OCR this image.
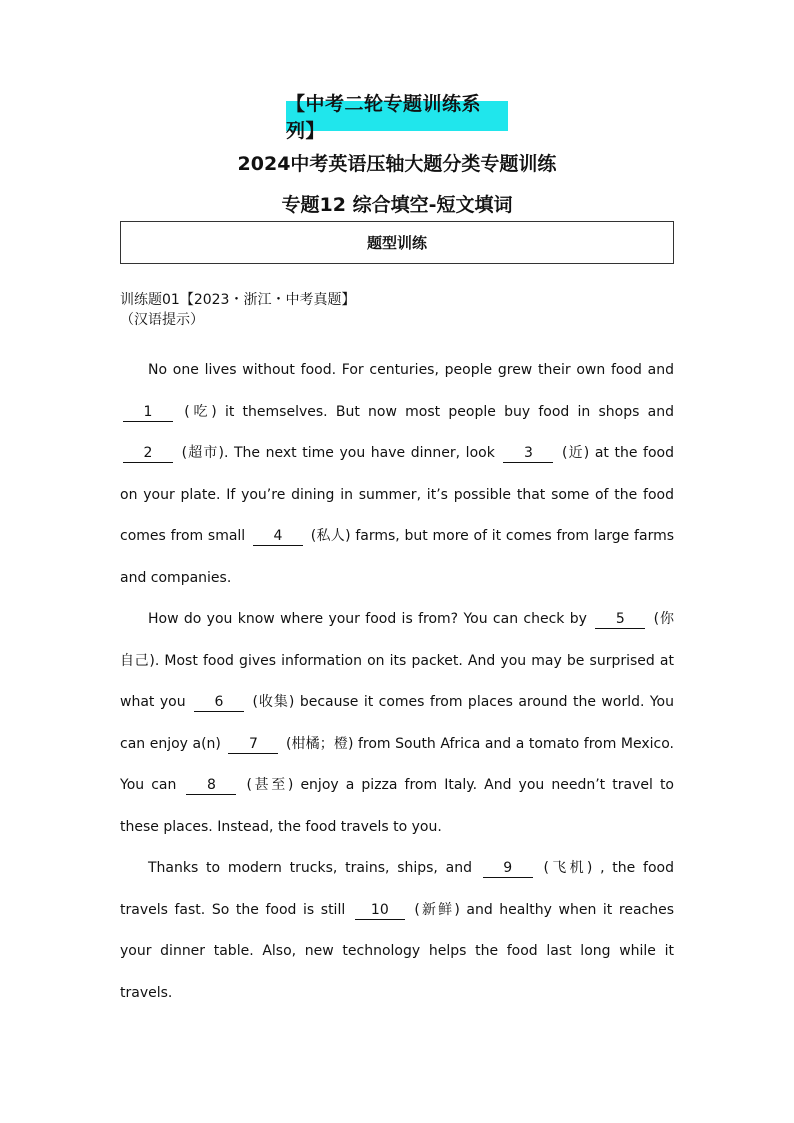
【中考二轮专题训练系列】
2024中考英语压轴大题分类专题训练
专题12 综合填空-短文填词
题型训练
训练题01【2023・浙江・中考真题】
（汉语提示）

No one lives without food. For centuries, people grew their own food and 1 (吃) it themselves. But now most people buy food in shops and 2 (超市). The next time you have dinner, look 3 (近) at the food on your plate. If you’re dining in summer, it’s possible that some of the food comes from small 4 (私人) farms, but more of it comes from large farms and companies.

How do you know where your food is from? You can check by 5 (你自己). Most food gives information on its packet. And you may be surprised at what you 6 (收集) because it comes from places around the world. You can enjoy a(n) 7 (柑橘；橙) from South Africa and a tomato from Mexico. You can 8 (甚至) enjoy a pizza from Italy. And you needn’t travel to these places. Instead, the food travels to you.

Thanks to modern trucks, trains, ships, and 9 (飞机) , the food travels fast. So the food is still 10 (新鲜) and healthy when it reaches your dinner table. Also, new technology helps the food last long while it travels.
